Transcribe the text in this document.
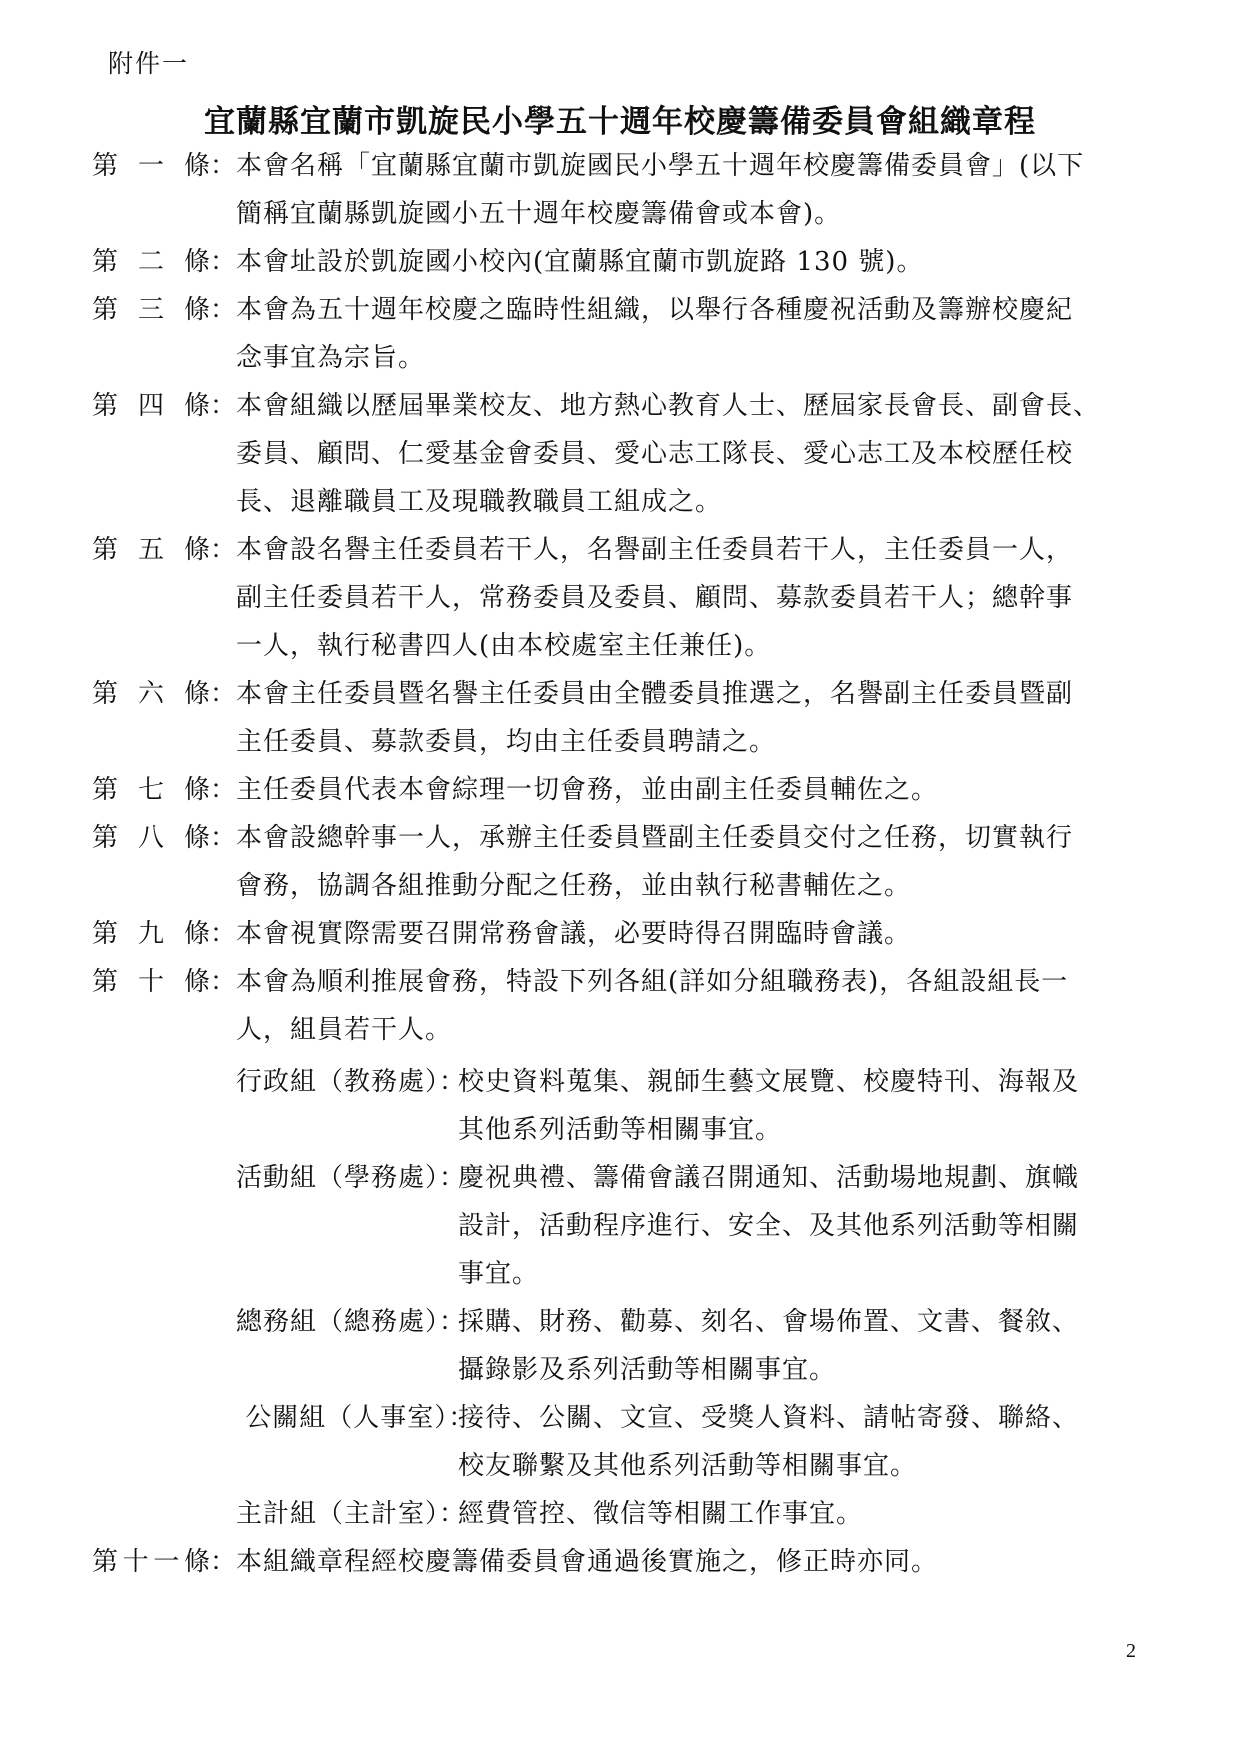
附件一
宜蘭縣宜蘭市凱旋民小學五十週年校慶籌備委員會組織章程
第 一 條 ： 本會名稱「宜蘭縣宜蘭市凱旋國民小學五十週年校慶籌備委員會」(以下
簡稱宜蘭縣凱旋國小五十週年校慶籌備會或本會)。
第 二 條 ： 本會址設於凱旋國小校內(宜蘭縣宜蘭市凱旋路 130 號)。
第 三 條 ： 本會為五十週年校慶之臨時性組織，以舉行各種慶祝活動及籌辦校慶紀
念事宜為宗旨。
第 四 條 ： 本會組織以歷屆畢業校友、地方熱心教育人士、歷屆家長會長、副會長、
委員、顧問、仁愛基金會委員、愛心志工隊長、愛心志工及本校歷任校
長、退離職員工及現職教職員工組成之。
第 五 條 ： 本會設名譽主任委員若干人，名譽副主任委員若干人，主任委員一人，
副主任委員若干人，常務委員及委員、顧問、募款委員若干人；總幹事
一人，執行秘書四人(由本校處室主任兼任)。
第 六 條 ： 本會主任委員暨名譽主任委員由全體委員推選之，名譽副主任委員暨副
主任委員、募款委員，均由主任委員聘請之。
第 七 條 ： 主任委員代表本會綜理一切會務，並由副主任委員輔佐之。
第 八 條 ： 本會設總幹事一人，承辦主任委員暨副主任委員交付之任務，切實執行
會務，協調各組推動分配之任務，並由執行秘書輔佐之。
第 九 條 ： 本會視實際需要召開常務會議，必要時得召開臨時會議。
第 十 條 ： 本會為順利推展會務，特設下列各組(詳如分組職務表)，各組設組長一
人，組員若干人。
行政組（教務處）：
校史資料蒐集、親師生藝文展覽、校慶特刊、海報及
其他系列活動等相關事宜。
活動組（學務處）：
慶祝典禮、籌備會議召開通知、活動場地規劃、旗幟
設計，活動程序進行、安全、及其他系列活動等相關
事宜。
總務組（總務處）：
採購、財務、勸募、刻名、會場佈置、文書、餐敘、
攝錄影及系列活動等相關事宜。
公關組（人事室）：
接待、公關、文宣、受獎人資料、請帖寄發、聯絡、
校友聯繫及其他系列活動等相關事宜。
主計組（主計室）：
經費管控、徵信等相關工作事宜。
第 十 一 條 ： 本組織章程經校慶籌備委員會通過後實施之，修正時亦同。
2
